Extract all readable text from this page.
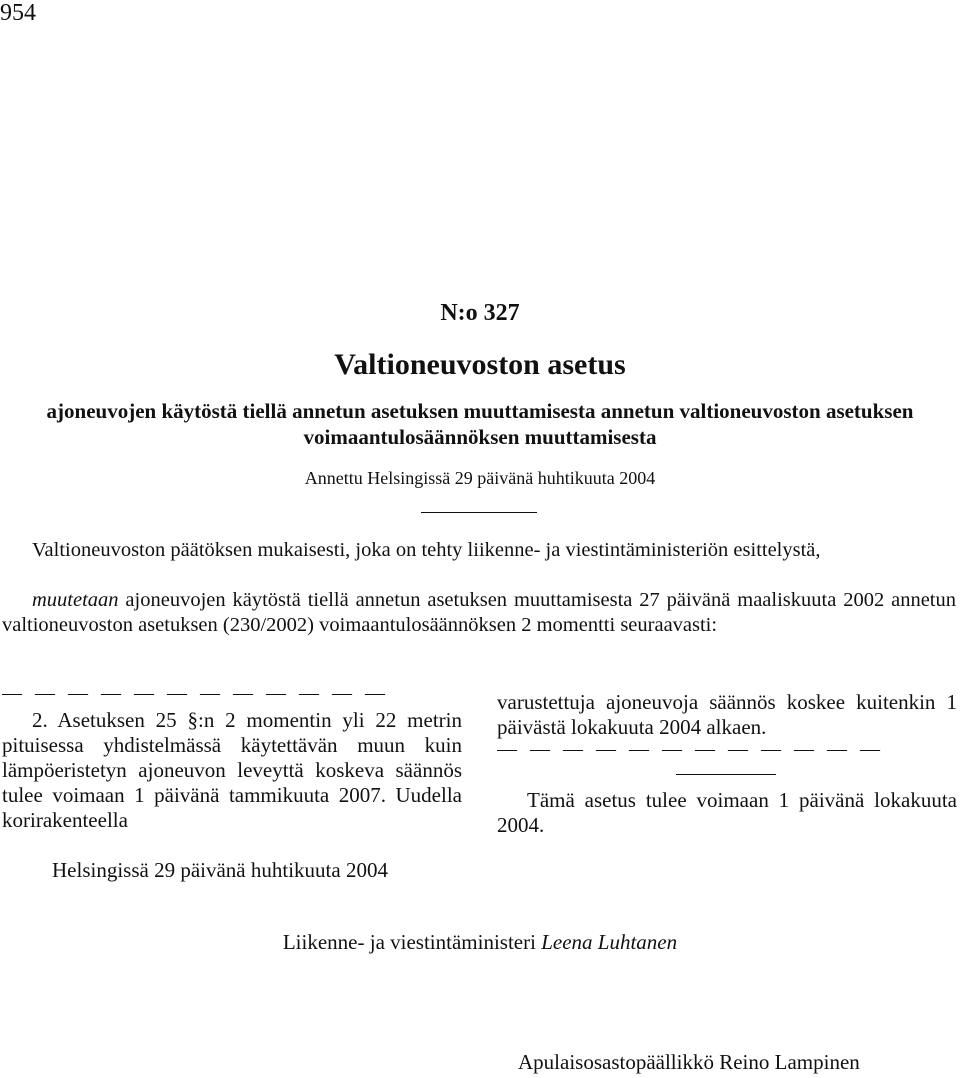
954
N:o 327
Valtioneuvoston asetus
ajoneuvojen käytöstä tiellä annetun asetuksen muuttamisesta annetun valtioneuvoston asetuksen voimaantulosäännöksen muuttamisesta
Annettu Helsingissä 29 päivänä huhtikuuta 2004
Valtioneuvoston päätöksen mukaisesti, joka on tehty liikenne- ja viestintäministeriön esittelystä,
muutetaan ajoneuvojen käytöstä tiellä annetun asetuksen muuttamisesta 27 päivänä maaliskuuta 2002 annetun valtioneuvoston asetuksen (230/2002) voimaantulosäännöksen 2 momentti seuraavasti:
— — — — — — — — — — — —
2. Asetuksen 25 §:n 2 momentin yli 22 metrin pituisessa yhdistelmässä käytettävän muun kuin lämpöeristetyn ajoneuvon leveyttä koskeva säännös tulee voimaan 1 päivänä tammikuuta 2007. Uudella korirakenteella
varustettuja ajoneuvoja säännös koskee kuitenkin 1 päivästä lokakuuta 2004 alkaen.
— — — — — — — — — — — —
Tämä asetus tulee voimaan 1 päivänä lokakuuta 2004.
Helsingissä 29 päivänä huhtikuuta 2004
Liikenne- ja viestintäministeri Leena Luhtanen
Apulaisosastopäällikkö Reino Lampinen
